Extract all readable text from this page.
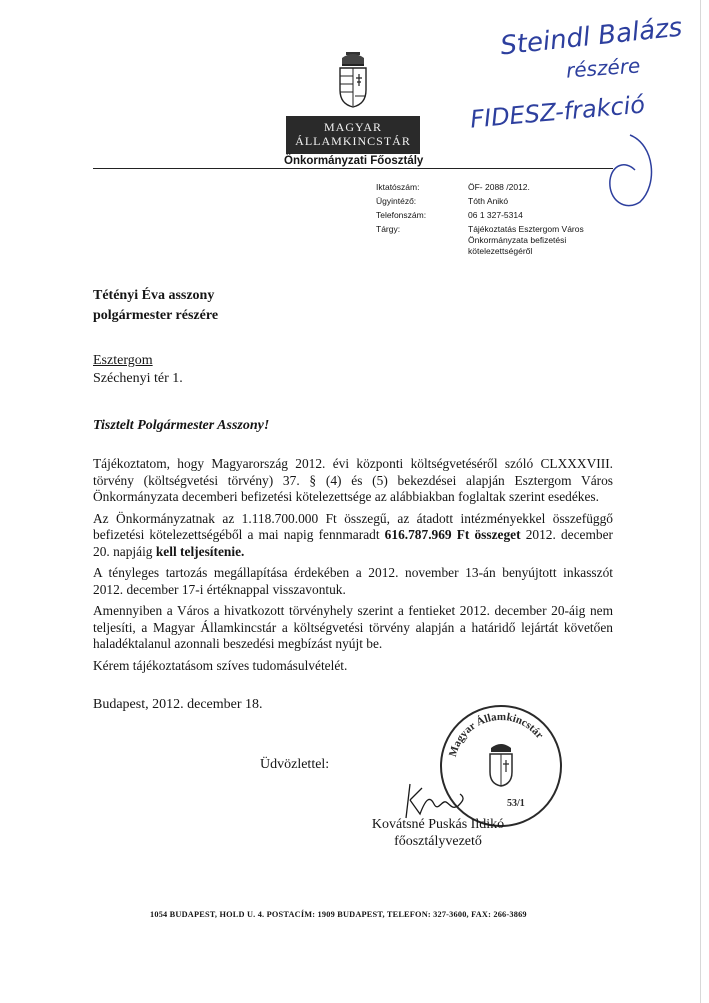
Steindl Balázs
részére
FIDESZ-frakció
MAGYAR
ÁLLAMKINCSTÁR
Önkormányzati Főosztály
Iktatószám:	ÖF- 2088 /2012.
Ügyintéző:	Tóth Anikó
Telefonszám:	06 1 327-5314
Tárgy:	Tájékoztatás Esztergom Város
Önkormányzata befizetési
kötelezettségéről
Tétényi Éva asszony
polgármester részére
Esztergom
Széchenyi tér 1.
Tisztelt Polgármester Asszony!

Tájékoztatom, hogy Magyarország 2012. évi központi költségvetéséről szóló CLXXXVIII. törvény (költségvetési törvény) 37. § (4) és (5) bekezdései alapján Esztergom Város Önkormányzata decemberi befizetési kötelezettsége az alábbiakban foglaltak szerint esedékes.

Az Önkormányzatnak az 1.118.700.000 Ft összegű, az átadott intézményekkel összefüggő befizetési kötelezettségéből a mai napig fennmaradt 616.787.969 Ft összeget 2012. december 20. napjáig kell teljesítenie.

A tényleges tartozás megállapítása érdekében a 2012. november 13-án benyújtott inkasszót 2012. december 17-i értéknappal visszavontuk.

Amennyiben a Város a hivatkozott törvényhely szerint a fentieket 2012. december 20-áig nem teljesíti, a Magyar Államkincstár a költségvetési törvény alapján a határidő lejártát követően haladéktalanul azonnali beszedési megbízást nyújt be.

Kérem tájékoztatásom szíves tudomásulvételét.

Budapest, 2012. december 18.
Üdvözlettel:
Magyar Államkincstár
53/1
Kovátsné Puskás Ildikó
főosztályvezető
1054 BUDAPEST, HOLD U. 4. POSTACÍM: 1909 BUDAPEST, TELEFON: 327-3600, FAX: 266-3869
